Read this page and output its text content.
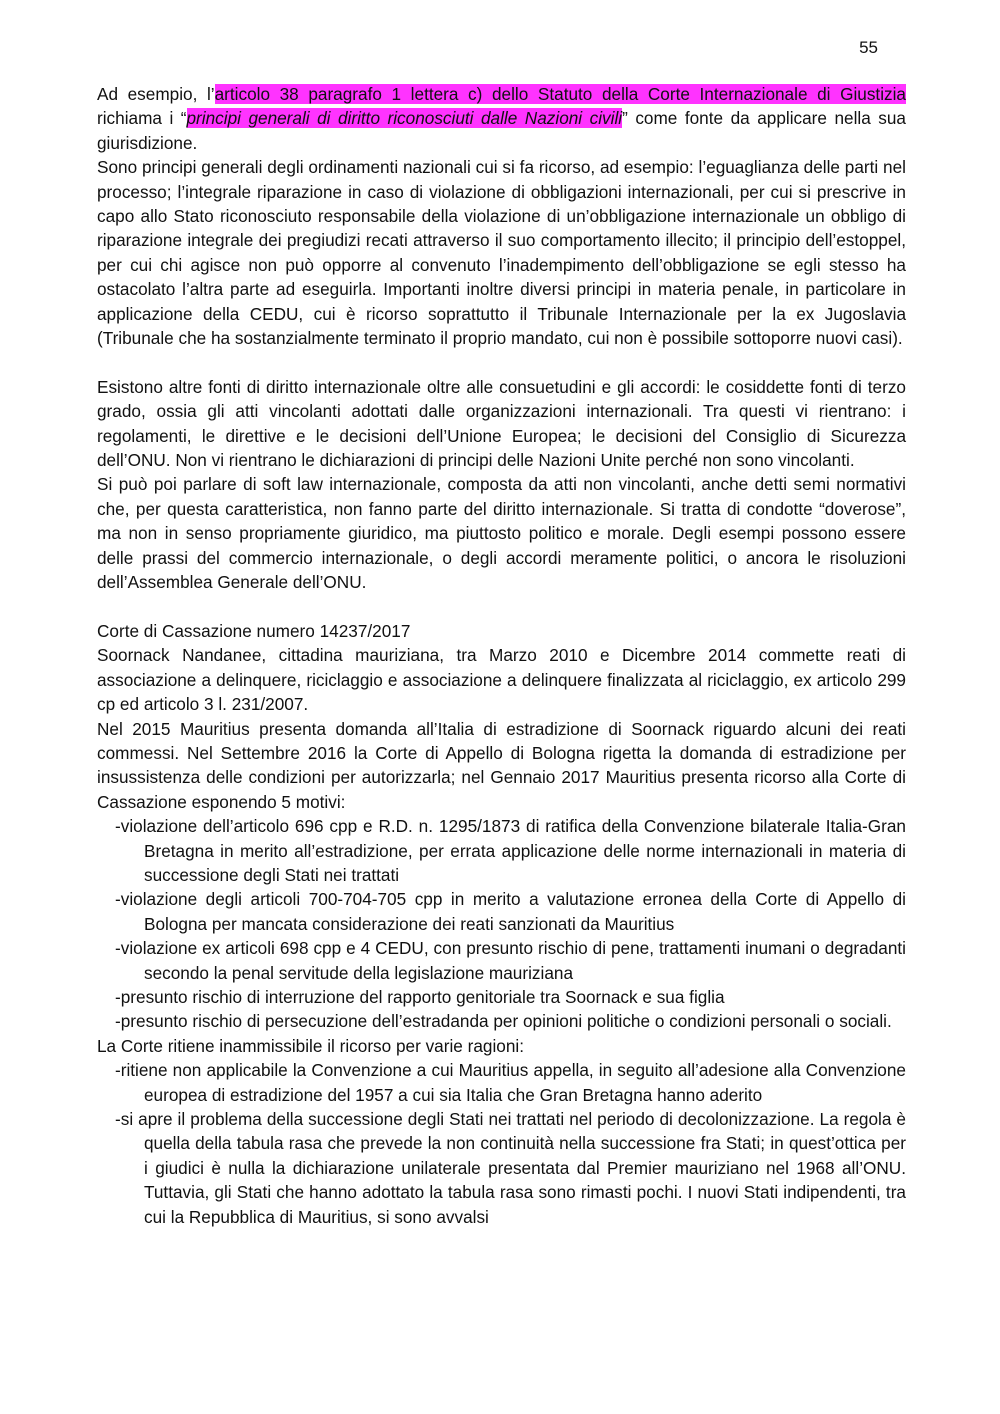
55

Ad esempio, l’articolo 38 paragrafo 1 lettera c) dello Statuto della Corte Internazionale di Giustizia richiama i “principi generali di diritto riconosciuti dalle Nazioni civili” come fonte da applicare nella sua giurisdizione.

Sono principi generali degli ordinamenti nazionali cui si fa ricorso, ad esempio: l’eguaglianza delle parti nel processo; l’integrale riparazione in caso di violazione di obbligazioni internazionali, per cui si prescrive in capo allo Stato riconosciuto responsabile della violazione di un’obbligazione internazionale un obbligo di riparazione integrale dei pregiudizi recati attraverso il suo comportamento illecito; il principio dell’estoppel, per cui chi agisce non può opporre al convenuto l’inadempimento dell’obbligazione se egli stesso ha ostacolato l’altra parte ad eseguirla. Importanti inoltre diversi principi in materia penale, in particolare in applicazione della CEDU, cui è ricorso soprattutto il Tribunale Internazionale per la ex Jugoslavia (Tribunale che ha sostanzialmente terminato il proprio mandato, cui non è possibile sottoporre nuovi casi).

Esistono altre fonti di diritto internazionale oltre alle consuetudini e gli accordi: le cosiddette fonti di terzo grado, ossia gli atti vincolanti adottati dalle organizzazioni internazionali. Tra questi vi rientrano: i regolamenti, le direttive e le decisioni dell’Unione Europea; le decisioni del Consiglio di Sicurezza dell’ONU. Non vi rientrano le dichiarazioni di principi delle Nazioni Unite perché non sono vincolanti.

Si può poi parlare di soft law internazionale, composta da atti non vincolanti, anche detti semi normativi che, per questa caratteristica, non fanno parte del diritto internazionale. Si tratta di condotte “doverose”, ma non in senso propriamente giuridico, ma piuttosto politico e morale. Degli esempi possono essere delle prassi del commercio internazionale, o degli accordi meramente politici, o ancora le risoluzioni dell’Assemblea Generale dell’ONU.

Corte di Cassazione numero 14237/2017

Soornack Nandanee, cittadina mauriziana, tra Marzo 2010 e Dicembre 2014 commette reati di associazione a delinquere, riciclaggio e associazione a delinquere finalizzata al riciclaggio, ex articolo 299 cp ed articolo 3 l. 231/2007.

Nel 2015 Mauritius presenta domanda all’Italia di estradizione di Soornack riguardo alcuni dei reati commessi. Nel Settembre 2016 la Corte di Appello di Bologna rigetta la domanda di estradizione per insussistenza delle condizioni per autorizzarla; nel Gennaio 2017 Mauritius presenta ricorso alla Corte di Cassazione esponendo 5 motivi:

-violazione dell’articolo 696 cpp e R.D. n. 1295/1873 di ratifica della Convenzione bilaterale Italia-Gran Bretagna in merito all’estradizione, per errata applicazione delle norme internazionali in materia di successione degli Stati nei trattati

-violazione degli articoli 700-704-705 cpp in merito a valutazione erronea della Corte di Appello di Bologna per mancata considerazione dei reati sanzionati da Mauritius

-violazione ex articoli 698 cpp e 4 CEDU, con presunto rischio di pene, trattamenti inumani o degradanti secondo la penal servitude della legislazione mauriziana

-presunto rischio di interruzione del rapporto genitoriale tra Soornack e sua figlia

-presunto rischio di persecuzione dell’estradanda per opinioni politiche o condizioni personali o sociali.

La Corte ritiene inammissibile il ricorso per varie ragioni:

-ritiene non applicabile la Convenzione a cui Mauritius appella, in seguito all’adesione alla Convenzione europea di estradizione del 1957 a cui sia Italia che Gran Bretagna hanno aderito

-si apre il problema della successione degli Stati nei trattati nel periodo di decolonizzazione. La regola è quella della tabula rasa che prevede la non continuità nella successione fra Stati; in quest’ottica per i giudici è nulla la dichiarazione unilaterale presentata dal Premier mauriziano nel 1968 all’ONU. Tuttavia, gli Stati che hanno adottato la tabula rasa sono rimasti pochi. I nuovi Stati indipendenti, tra cui la Repubblica di Mauritius, si sono avvalsi
